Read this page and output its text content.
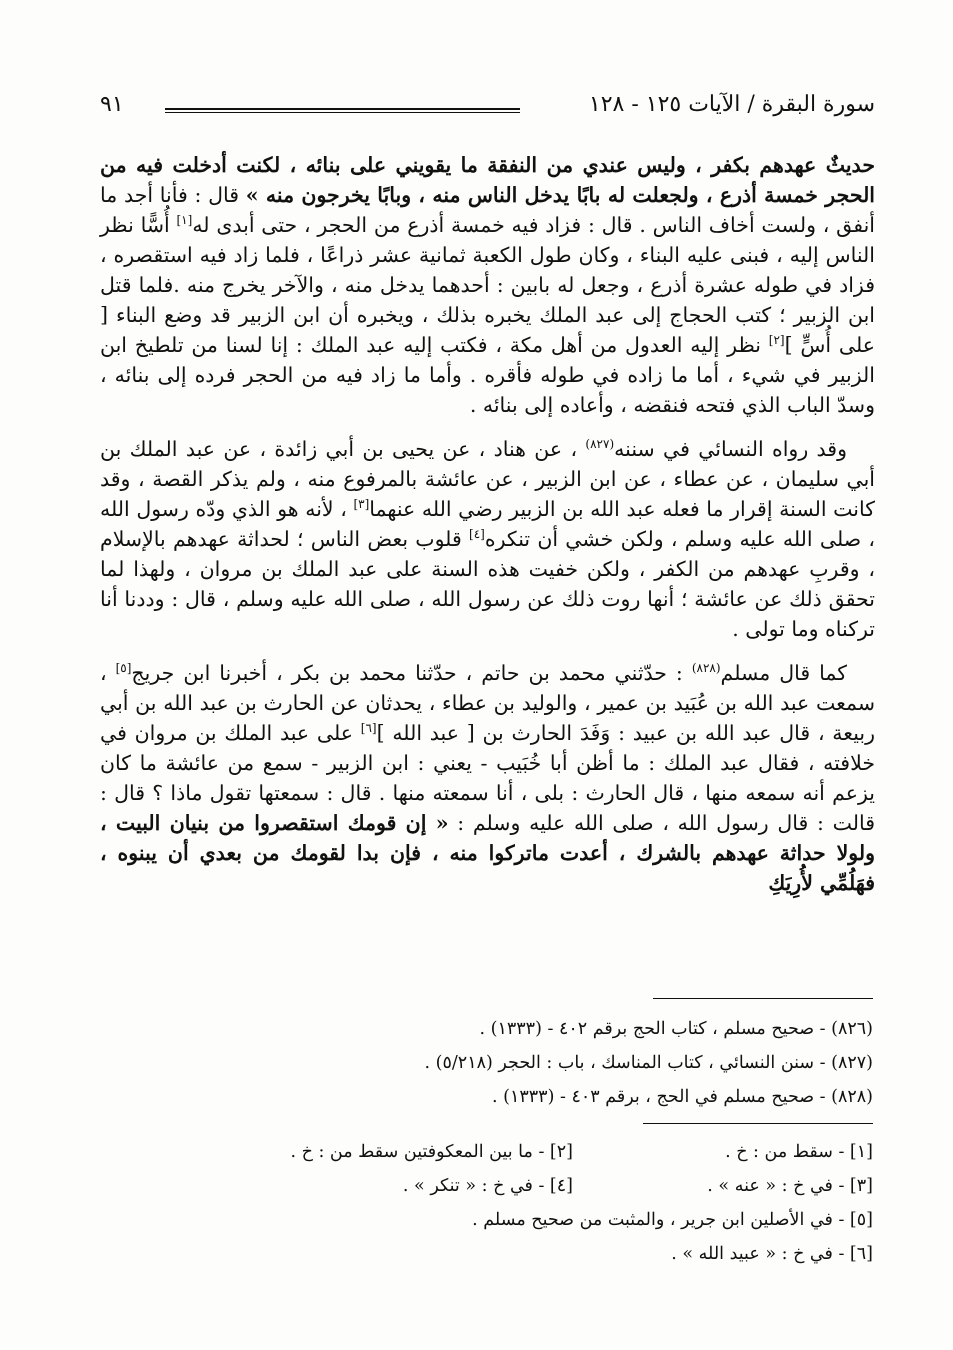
سورة البقرة / الآيات ١٢٥ - ١٢٨
٩١

حديثٌ عهدهم بكفر ، وليس عندي من النفقة ما يقويني على بنائه ، لكنت أدخلت فيه من الحجر خمسة أذرع ، ولجعلت له بابًا يدخل الناس منه ، وبابًا يخرجون منه » قال : فأنا أجد ما أنفق ، ولست أخاف الناس . قال : فزاد فيه خمسة أذرع من الحجر ، حتى أبدى له[١] أُسًّا نظر الناس إليه ، فبنى عليه البناء ، وكان طول الكعبة ثمانية عشر ذراعًا ، فلما زاد فيه استقصره ، فزاد في طوله عشرة أذرع ، وجعل له بابين : أحدهما يدخل منه ، والآخر يخرج منه .فلما قتل ابن الزبير ؛ كتب الحجاج إلى عبد الملك يخبره بذلك ، ويخبره أن ابن الزبير قد وضع البناء [ على أُسٍّ ][٢] نظر إليه العدول من أهل مكة ، فكتب إليه عبد الملك : إنا لسنا من تلطيخ ابن الزبير في شيء ، أما ما زاده في طوله فأقره . وأما ما زاد فيه من الحجر فرده إلى بنائه ، وسدّ الباب الذي فتحه فنقضه ، وأعاده إلى بنائه .

وقد رواه النسائي في سننه$^{(٨٢٧)}$ ، عن هناد ، عن يحيى بن أبي زائدة ، عن عبد الملك بن أبي سليمان ، عن عطاء ، عن ابن الزبير ، عن عائشة بالمرفوع منه ، ولم يذكر القصة ، وقد كانت السنة إقرار ما فعله عبد الله بن الزبير رضي الله عنهما[٣] ، لأنه هو الذي ودّه رسول الله ، صلى الله عليه وسلم ، ولكن خشي أن تنكره[٤] قلوب بعض الناس ؛ لحداثة عهدهم بالإسلام ، وقربِ عهدهم من الكفر ، ولكن خفيت هذه السنة على عبد الملك بن مروان ، ولهذا لما تحقق ذلك عن عائشة ؛ أنها روت ذلك عن رسول الله ، صلى الله عليه وسلم ، قال : وددنا أنا تركناه وما تولى .

كما قال مسلم$^{(٨٢٨)}$ : حدّثني محمد بن حاتم ، حدّثنا محمد بن بكر ، أخبرنا ابن جريج[٥] ، سمعت عبد الله بن عُبَيد بن عمير ، والوليد بن عطاء ، يحدثان عن الحارث بن عبد الله بن أبي ربيعة ، قال عبد الله بن عبيد : وَفَدَ الحارث بن [ عبد الله ][٦] على عبد الملك بن مروان في خلافته ، فقال عبد الملك : ما أظن أبا خُبَيب - يعني : ابن الزبير - سمع من عائشة ما كان يزعم أنه سمعه منها ، قال الحارث : بلى ، أنا سمعته منها . قال : سمعتها تقول ماذا ؟ قال : قالت : قال رسول الله ، صلى الله عليه وسلم : « إن قومك استقصروا من بنيان البيت ، ولولا حداثة عهدهم بالشرك ، أعدت ماتركوا منه ، فإن بدا لقومك من بعدي أن يبنوه ، فهَلُمِّي لأُرِيَكِ

(٨٢٦) - صحيح مسلم ، كتاب الحج برقم ٤٠٢ - (١٣٣٣) .
(٨٢٧) - سنن النسائي ، كتاب المناسك ، باب : الحجر (٥/٢١٨) .
(٨٢٨) - صحيح مسلم في الحج ، برقم ٤٠٣ - (١٣٣٣) .
[١] - سقط من : خ .
[٢] - ما بين المعكوفتين سقط من : خ .
[٣] - في خ : « عنه » .
[٤] - في خ : « تنكر » .
[٥] - في الأصلين ابن جرير ، والمثبت من صحيح مسلم .
[٦] - في خ : « عبيد الله » .
